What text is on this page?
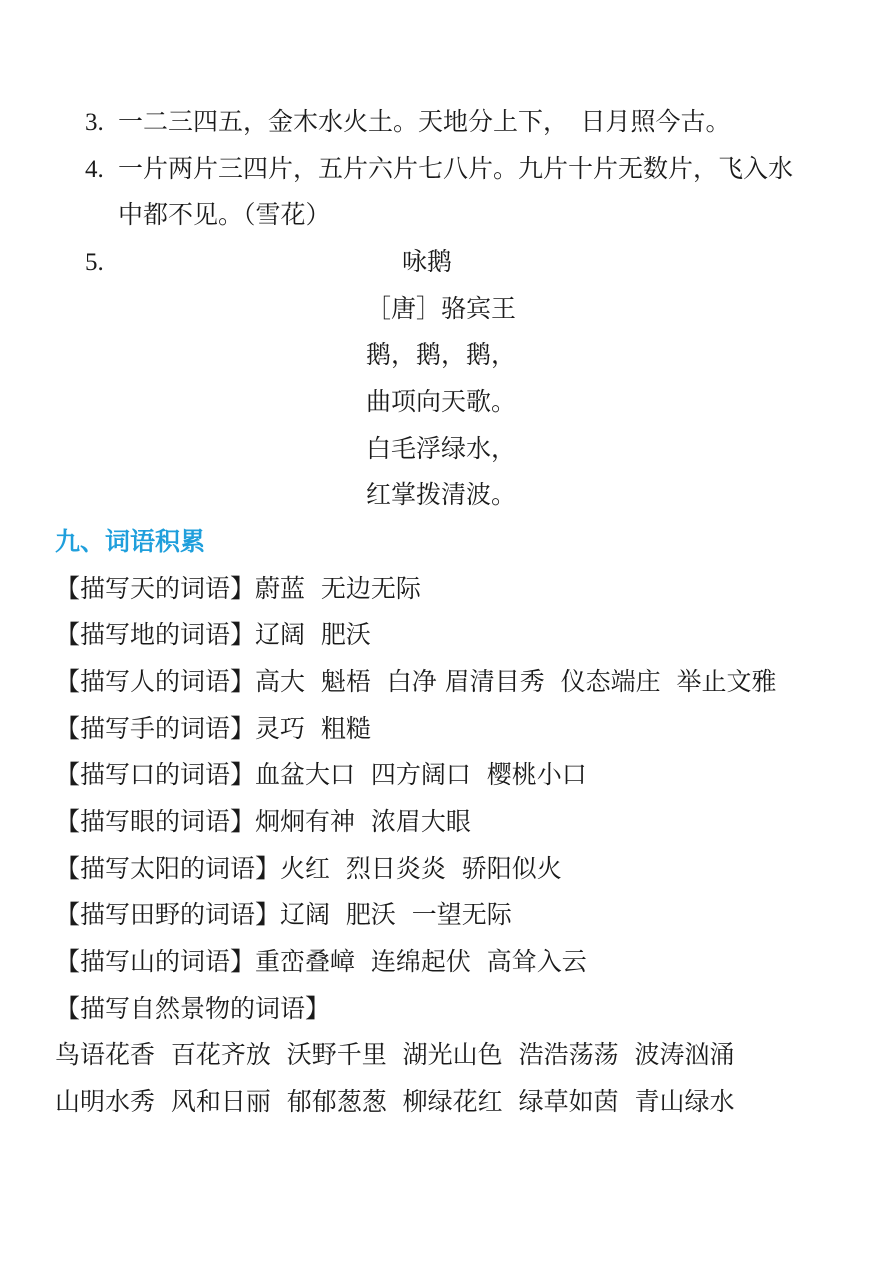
3. 一二三四五，金木水火土。天地分上下，　日月照今古。
4. 一片两片三四片，五片六片七八片。九片十片无数片，飞入水
中都不见。（雪花）
5.	咏鹅
［唐］骆宾王
鹅，鹅，鹅，
曲项向天歌。
白毛浮绿水，
红掌拨清波。
九、词语积累
【描写天的词语】蔚蓝  无边无际
【描写地的词语】辽阔  肥沃
【描写人的词语】高大  魁梧  白净 眉清目秀  仪态端庄  举止文雅
【描写手的词语】灵巧  粗糙
【描写口的词语】血盆大口  四方阔口  樱桃小口
【描写眼的词语】炯炯有神  浓眉大眼
【描写太阳的词语】火红  烈日炎炎  骄阳似火
【描写田野的词语】辽阔  肥沃  一望无际
【描写山的词语】重峦叠嶂  连绵起伏  高耸入云
【描写自然景物的词语】
鸟语花香  百花齐放  沃野千里  湖光山色  浩浩荡荡  波涛汹涌
山明水秀  风和日丽  郁郁葱葱  柳绿花红  绿草如茵  青山绿水
